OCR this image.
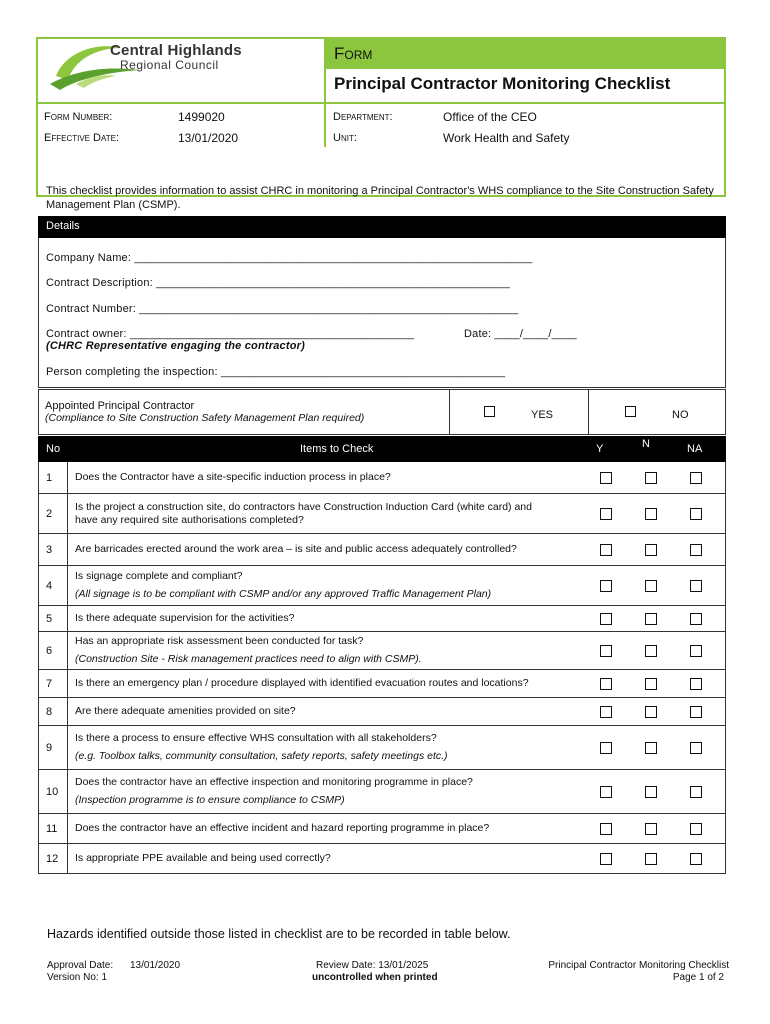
Central Highlands
Regional Council
Form
Principal Contractor Monitoring Checklist
Form Number:	1499020
Effective Date:	13/01/2020
Department:	Office of the CEO
Unit:	Work Health and Safety
This checklist provides information to assist CHRC in monitoring a Principal Contractor's WHS compliance to the Site Construction Safety Management Plan (CSMP).
Details
Company Name: _______________________________________________________________
Contract Description: ________________________________________________________
Contract Number: ____________________________________________________________
Contract owner: _____________________________________________	Date: ____/____/____
(CHRC Representative engaging the contractor)
Person completing the inspection: _____________________________________________
Appointed Principal Contractor
(Compliance to Site Construction Safety Management Plan required)	YES	NO
No	Items to Check	Y	N	NA
1 Does the Contractor have a site-specific induction process in place?
2
Is the project a construction site, do contractors have Construction Induction Card (white card) and have any required site authorisations completed?
3 Are barricades erected around the work area – is site and public access adequately controlled?
4
Is signage complete and compliant?
(All signage is to be compliant with CSMP and/or any approved Traffic Management Plan)
5 Is there adequate supervision for the activities?
6
Has an appropriate risk assessment been conducted for task?
(Construction Site - Risk management practices need to align with CSMP).
7 Is there an emergency plan / procedure displayed with identified evacuation routes and locations?
8 Are there adequate amenities provided on site?
9
Is there a process to ensure effective WHS consultation with all stakeholders?
(e.g. Toolbox talks, community consultation, safety reports, safety meetings etc.)
10
Does the contractor have an effective inspection and monitoring programme in place?
(Inspection programme is to ensure compliance to CSMP)
11 Does the contractor have an effective incident and hazard reporting programme in place?
12 Is appropriate PPE available and being used correctly?
Hazards identified outside those listed in checklist are to be recorded in table below.
Approval Date: 13/01/2020
Version No: 1
Review Date: 13/01/2025
uncontrolled when printed
Principal Contractor Monitoring Checklist
Page 1 of 2
